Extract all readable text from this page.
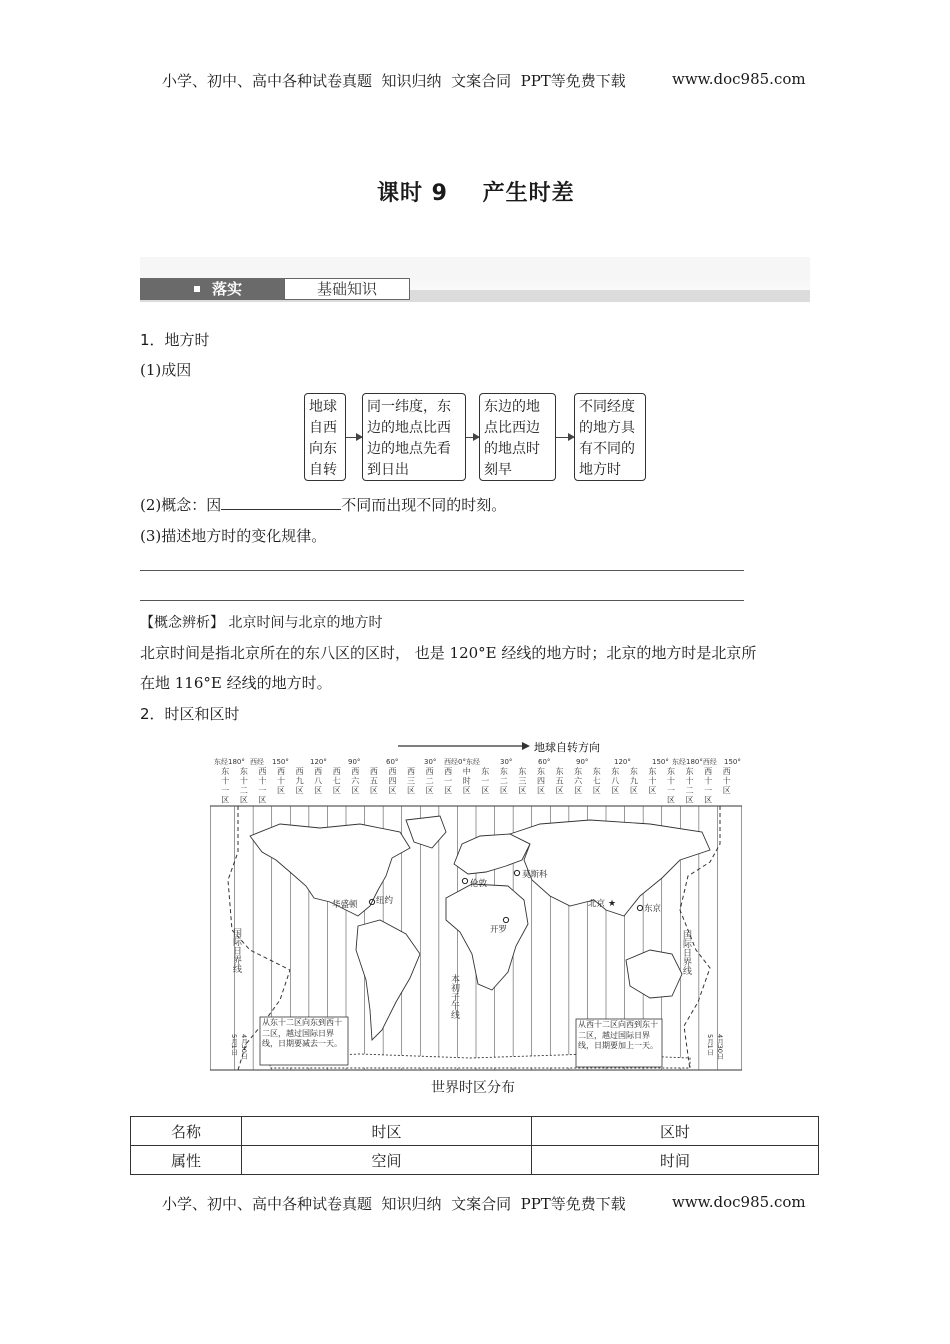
小学、初中、高中各种试卷真题  知识归纳  文案合同  PPT等免费下载	www.doc985.com
课时 9    产生时差
落实	基础知识
1．地方时
(1)成因
地球
自西
向东
自转
同一纬度，东
边的地点比西
边的地点先看
到日出
东边的地
点比西边
的地点时
刻早
不同经度
的地方具
有不同的
地方时
(2)概念：因	不同而出现不同的时刻。
(3)描述地方时的变化规律。
【概念辨析】 北京时间与北京的地方时
北京时间是指北京所在的东八区的区时， 也是 120°E 经线的地方时；北京的地方时是北京所
在地 116°E 经线的地方时。
2．时区和区时
地球自转方向
东经180° 西经 150°	120°	90°	60°	30° 西经0°东经	30°	60°	90°	120°	150° 东经180°西经 150°
东
十
一
区
东
十
二
区
西
十
一
区
西
十
区
西
九
区
西
八
区
西
七
区
西
六
区
西
五
区
西
四
区
西
三
区
西
二
区
西
一
区
中
时
区
东
一
区
东
二
区
东
三
区
东
四
区
东
五
区
东
六
区
东
七
区
东
八
区
东
九
区
东
十
区
东
十
一
区
东
十
二
区
西
十
一
区
西
十
区
本初子午线
国际日界线	国际日界线
伦敦
莫斯科
华盛顿 纽约
开罗
北京 ★	东京
从东十二区向东到西十二区，越过国际日界线，日期要减去一天。
从西十二区向西到东十二区，越过国际日界线，日期要加上一天。
5月1日 4月30日	5月1日 4月30日
世界时区分布
名称	时区	区时
属性	空间	时间
小学、初中、高中各种试卷真题  知识归纳  文案合同  PPT等免费下载	www.doc985.com
